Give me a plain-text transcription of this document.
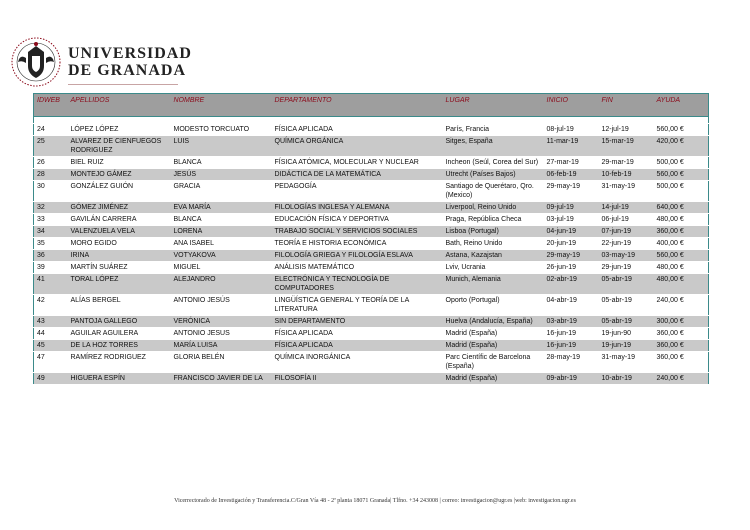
UNIVERSIDAD
DE GRANADA
IDWEB	APELLIDOS	NOMBRE	DEPARTAMENTO	LUGAR	INICIO	FIN	AYUDA

24	LÓPEZ LÓPEZ	MODESTO TORCUATO	FÍSICA APLICADA	París, Francia	08-jul-19	12-jul-19	560,00 €
25	ALVAREZ DE CIENFUEGOS RODRIGUEZ	LUIS	QUÍMICA ORGÁNICA	Sitges, España	11-mar-19	15-mar-19	420,00 €
26	BIEL RUIZ	BLANCA	FÍSICA ATÓMICA, MOLECULAR Y NUCLEAR	Incheon (Seúl, Corea del Sur)	27-mar-19	29-mar-19	500,00 €
28	MONTEJO GÁMEZ	JESÚS	DIDÁCTICA DE LA MATEMÁTICA	Utrecht (Países Bajos)	06-feb-19	10-feb-19	560,00 €
30	GONZÁLEZ GUIÓN	GRACIA	PEDAGOGÍA	Santiago de Querétaro, Qro. (Mexico)	29-may-19	31-may-19	500,00 €
32	GÓMEZ JIMÉNEZ	EVA MARÍA	FILOLOGÍAS INGLESA Y ALEMANA	Liverpool, Reino Unido	09-jul-19	14-jul-19	640,00 €
33	GAVILÁN CARRERA	BLANCA	EDUCACIÓN FÍSICA Y DEPORTIVA	Praga, República Checa	03-jul-19	06-jul-19	480,00 €
34	VALENZUELA VELA	LORENA	TRABAJO SOCIAL Y SERVICIOS SOCIALES	Lisboa (Portugal)	04-jun-19	07-jun-19	360,00 €
35	MORO EGIDO	ANA ISABEL	TEORÍA E HISTORIA ECONÓMICA	Bath, Reino Unido	20-jun-19	22-jun-19	400,00 €
36	IRINA	VOTYAKOVA	FILOLOGÍA GRIEGA Y FILOLOGÍA ESLAVA	Astana, Kazajstan	29-may-19	03-may-19	560,00 €
39	MARTÍN SUÁREZ	MIGUEL	ANÁLISIS MATEMÁTICO	Lviv, Ucrania	26-jun-19	29-jun-19	480,00 €
41	TORAL LÓPEZ	ALEJANDRO	ELECTRÓNICA Y TECNOLOGÍA DE COMPUTADORES	Munich, Alemania	02-abr-19	05-abr-19	480,00 €
42	ALÍAS BERGEL	ANTONIO JESÚS	LINGÜÍSTICA GENERAL Y TEORÍA DE LA LITERATURA	Oporto (Portugal)	04-abr-19	05-abr-19	240,00 €
43	PANTOJA GALLEGO	VERÓNICA	SIN DEPARTAMENTO	Huelva (Andalucía, España)	03-abr-19	05-abr-19	300,00 €
44	AGUILAR AGUILERA	ANTONIO JESUS	FÍSICA APLICADA	Madrid (España)	16-jun-19	19-jun-90	360,00 €
45	DE LA HOZ TORRES	MARÍA LUISA	FÍSICA APLICADA	Madrid (España)	16-jun-19	19-jun-19	360,00 €
47	RAMÍREZ RODRIGUEZ	GLORIA BELÉN	QUÍMICA INORGÁNICA	Parc Científic de Barcelona (España)	28-may-19	31-may-19	360,00 €
49	HIGUERA ESPÍN	FRANCISCO JAVIER DE LA	FILOSOFÍA II	Madrid (España)	09-abr-19	10-abr-19	240,00 €
Vicerrectorado de Investigación y Transferencia.C/Gran Vía 48 - 2ª planta 18071 Granada| Tlfno. +34 243008 | correo: investigacion@ugr.es |web: investigacion.ugr.es
